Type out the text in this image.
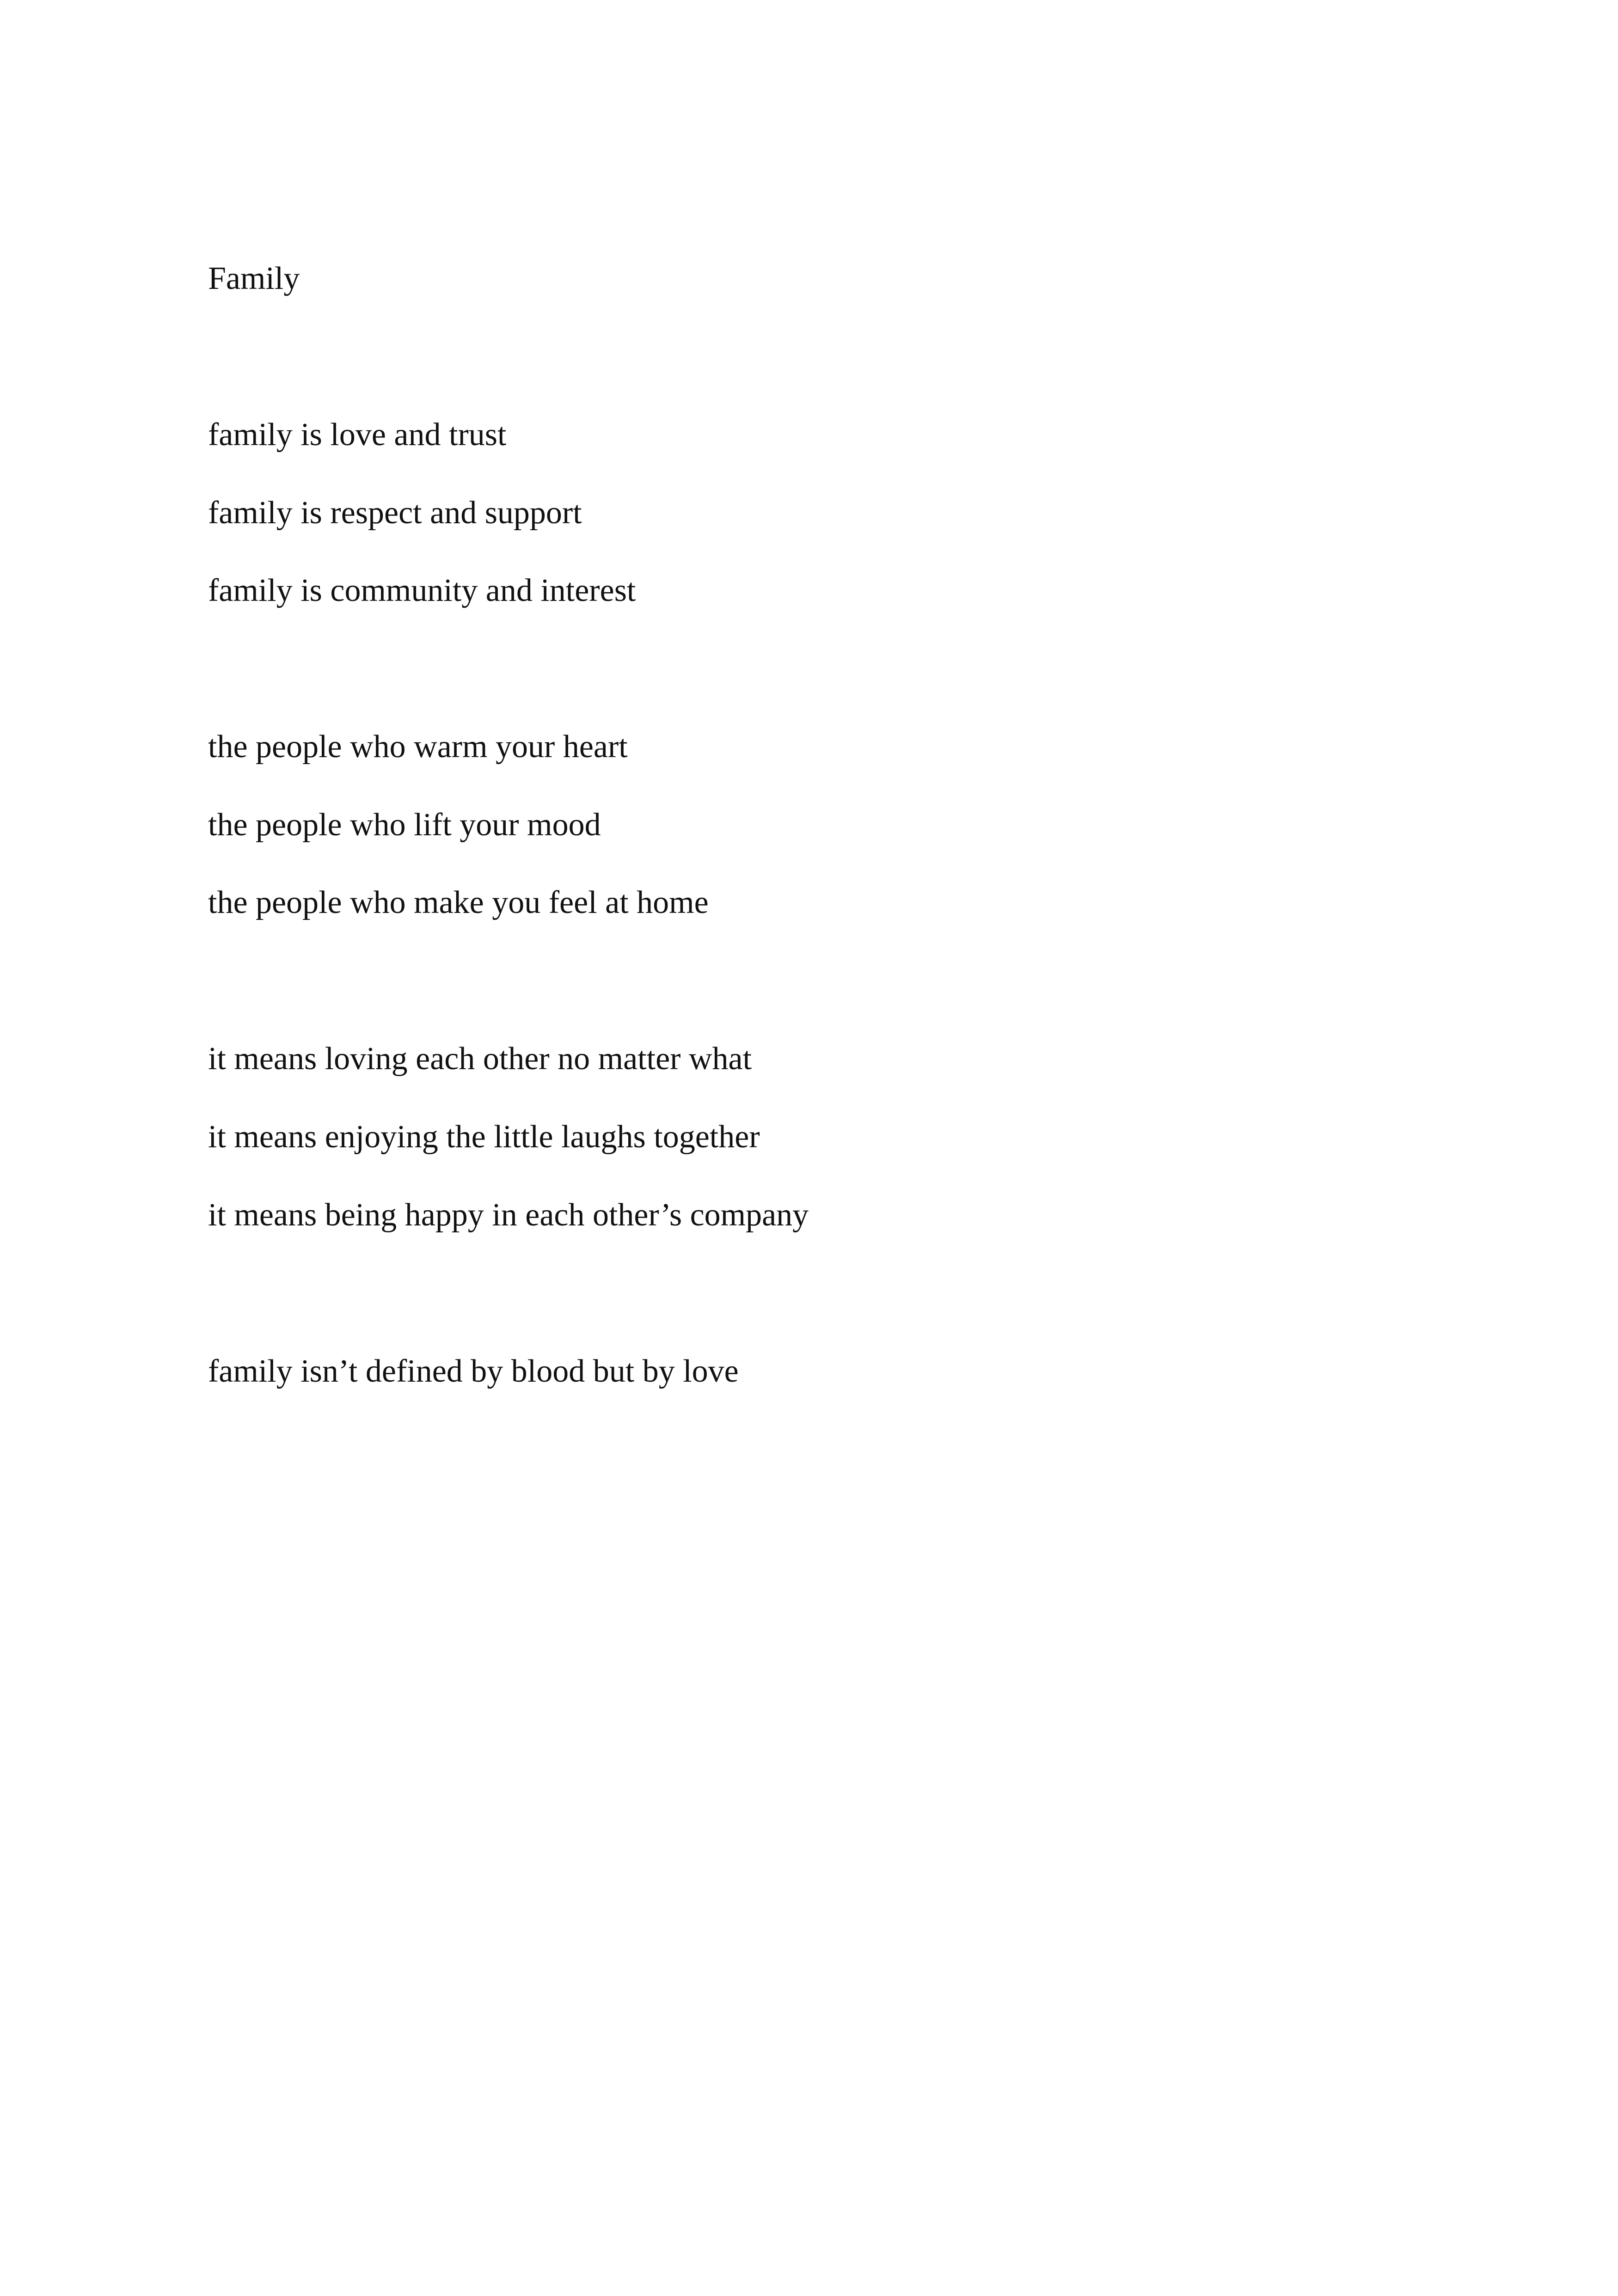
Family

family is love and trust

family is respect and support

family is community and interest

the people who warm your heart

the people who lift your mood

the people who make you feel at home

it means loving each other no matter what

it means enjoying the little laughs together

it means being happy in each other’s company

family isn’t defined by blood but by love
